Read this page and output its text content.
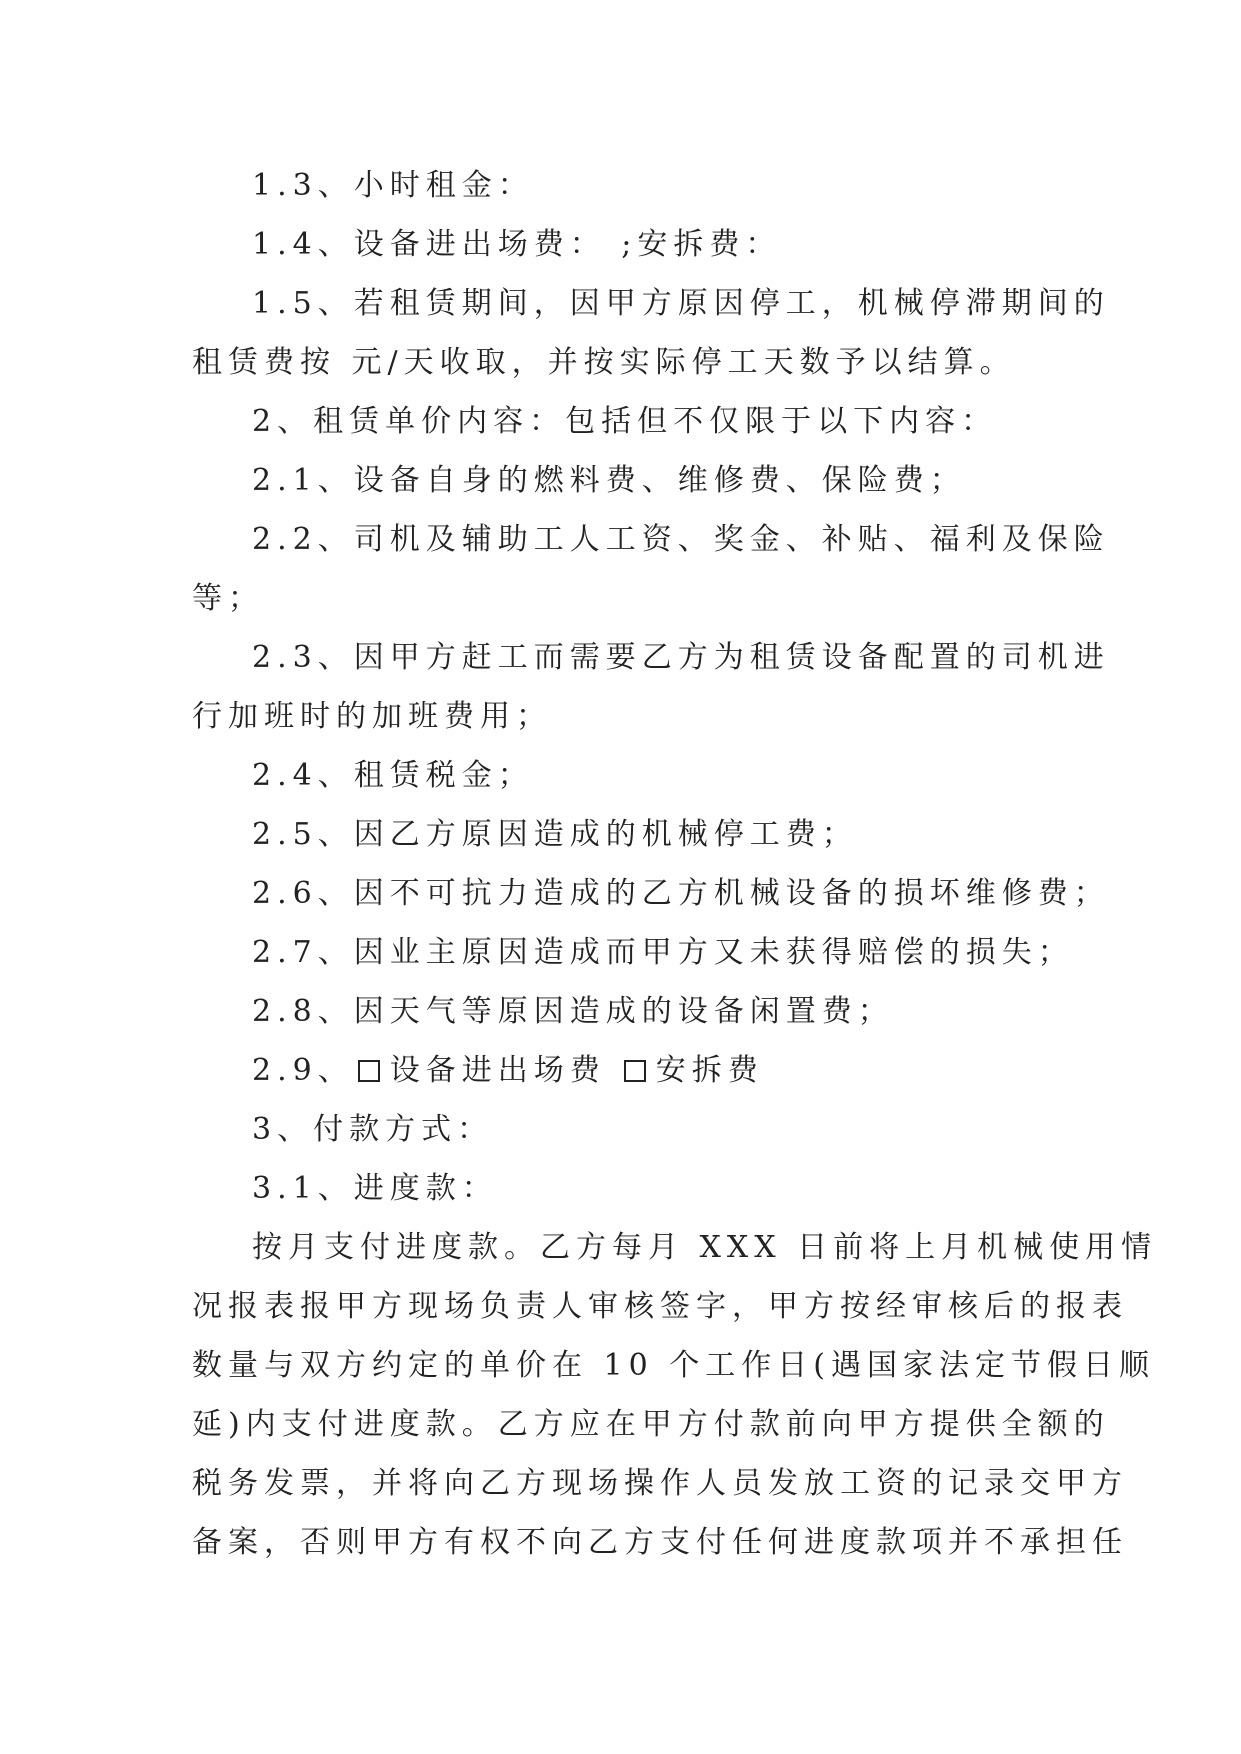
1.3、小时租金：

1.4、设备进出场费： ;安拆费：

1.5、若租赁期间，因甲方原因停工，机械停滞期间的

租赁费按 元/天收取，并按实际停工天数予以结算。

2、租赁单价内容：包括但不仅限于以下内容：

2.1、设备自身的燃料费、维修费、保险费；

2.2、司机及辅助工人工资、奖金、补贴、福利及保险

等；

2.3、因甲方赶工而需要乙方为租赁设备配置的司机进

行加班时的加班费用；

2.4、租赁税金；

2.5、因乙方原因造成的机械停工费；

2.6、因不可抗力造成的乙方机械设备的损坏维修费；

2.7、因业主原因造成而甲方又未获得赔偿的损失；

2.8、因天气等原因造成的设备闲置费；

2.9、 设备进出场费 安拆费

3、付款方式：

3.1、进度款：

按月支付进度款。乙方每月 XXX 日前将上月机械使用情

况报表报甲方现场负责人审核签字，甲方按经审核后的报表

数量与双方约定的单价在 10 个工作日(遇国家法定节假日顺

延)内支付进度款。乙方应在甲方付款前向甲方提供全额的

税务发票，并将向乙方现场操作人员发放工资的记录交甲方

备案，否则甲方有权不向乙方支付任何进度款项并不承担任
